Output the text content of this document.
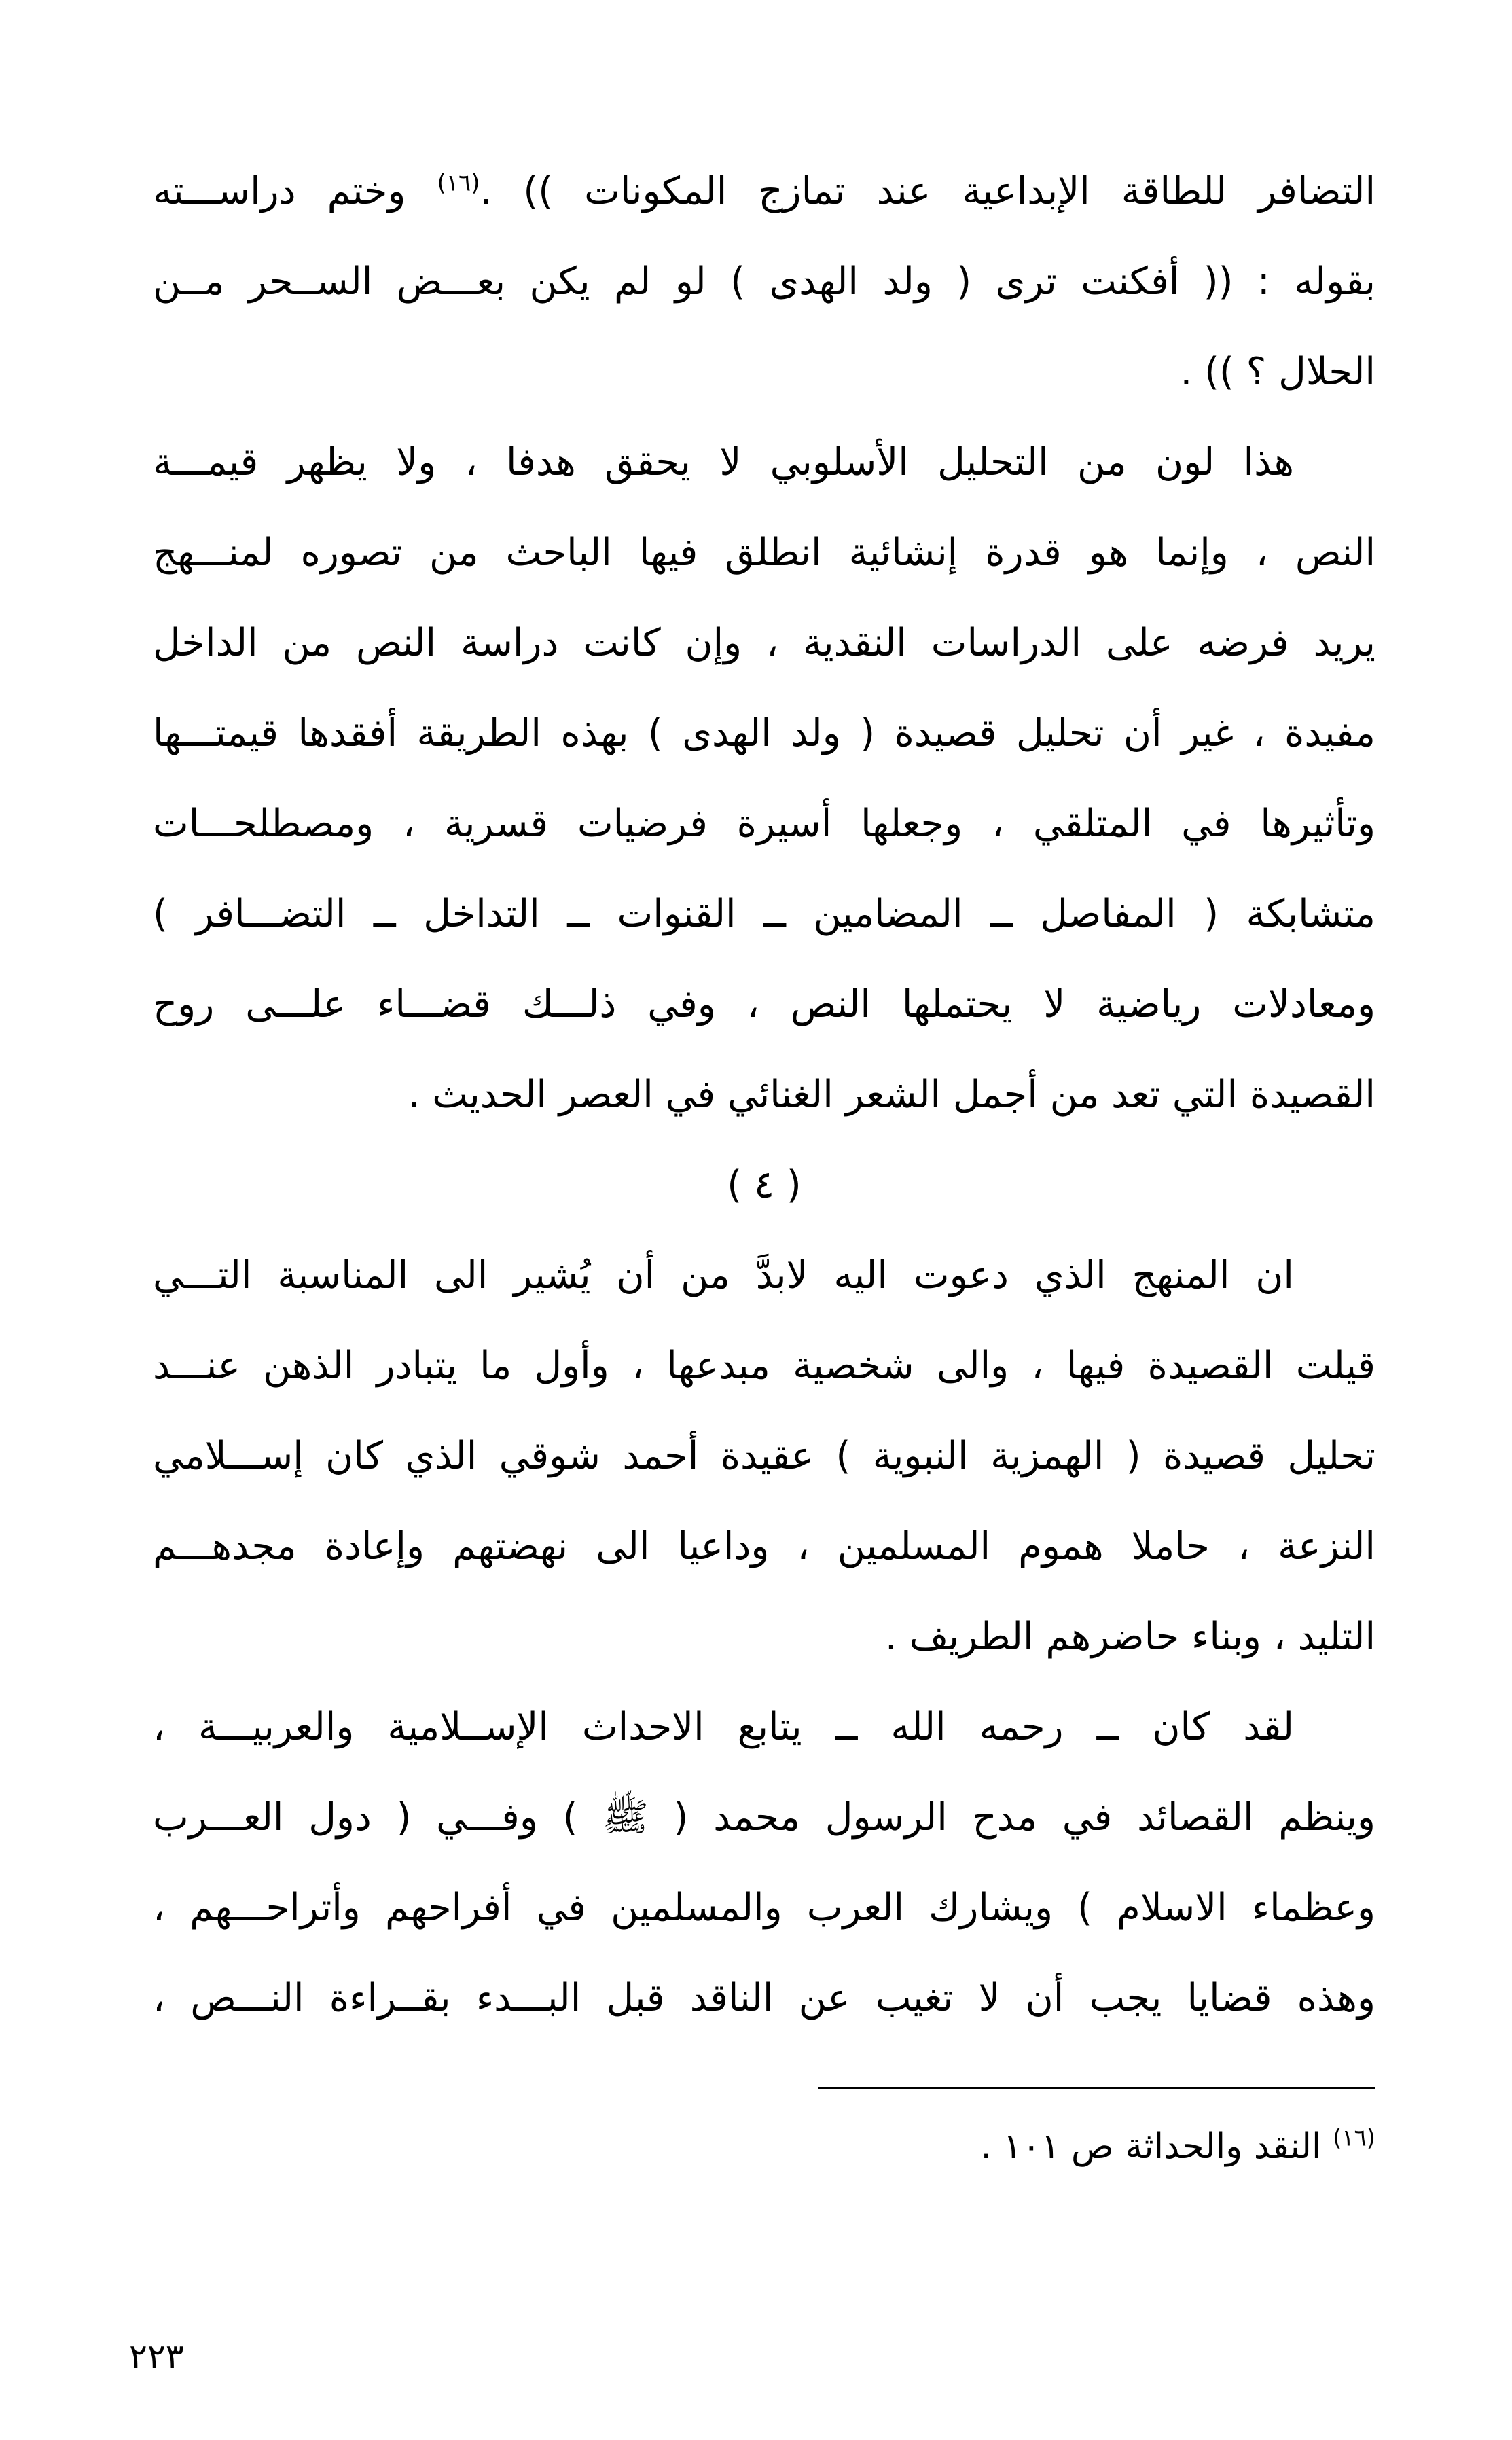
التضافر للطاقة الإبداعية عند تمازج المكونات )) .$^{(١٦)}$ وختم دراســـته
بقوله : (( أفكنت ترى ( ولد الهدى ) لو لم يكن بعـــض الســحر مــن
الحلال ؟ )) .
هذا لون من التحليل الأسلوبي لا يحقق هدفا ، ولا يظهر قيمـــة
النص ، وإنما هو قدرة إنشائية انطلق فيها الباحث من تصوره لمنـــهج
يريد فرضه على الدراسات النقدية ، وإن كانت دراسة النص من الداخل
مفيدة ، غير أن تحليل قصيدة ( ولد الهدى ) بهذه الطريقة أفقدها قيمتـــها
وتأثيرها في المتلقي ، وجعلها أسيرة فرضيات قسرية ، ومصطلحـــات
متشابكة ( المفاصل ــ المضامين ــ القنوات ــ التداخل ــ التضـــافر )
ومعادلات رياضية لا يحتملها النص ، وفي ذلـــك قضـــاء علـــى روح
القصيدة التي تعد من أجمل الشعر الغنائي في العصر الحديث .
( ٤ )
ان المنهج الذي دعوت اليه لابدَّ من أن يُشير الى المناسبة التـــي
قيلت القصيدة فيها ، والى شخصية مبدعها ، وأول ما يتبادر الذهن عنـــد
تحليل قصيدة ( الهمزية النبوية ) عقيدة أحمد شوقي الذي كان إســـلامي
النزعة ، حاملا هموم المسلمين ، وداعيا الى نهضتهم وإعادة مجدهـــم
التليد ، وبناء حاضرهم الطريف .
لقد كان ــ رحمه الله ــ يتابع الاحداث الإســلامية والعربيـــة ،
وينظم القصائد في مدح الرسول محمد ( ﷺ ) وفـــي ( دول العـــرب
وعظماء الاسلام ) ويشارك العرب والمسلمين في أفراحهم وأتراحـــهم ،
وهذه قضايا يجب أن لا تغيب عن الناقد قبل البـــدء بقــراءة النـــص ،
$^{(١٦)}$ النقد والحداثة ص ١٠١ .
٢٢٣
